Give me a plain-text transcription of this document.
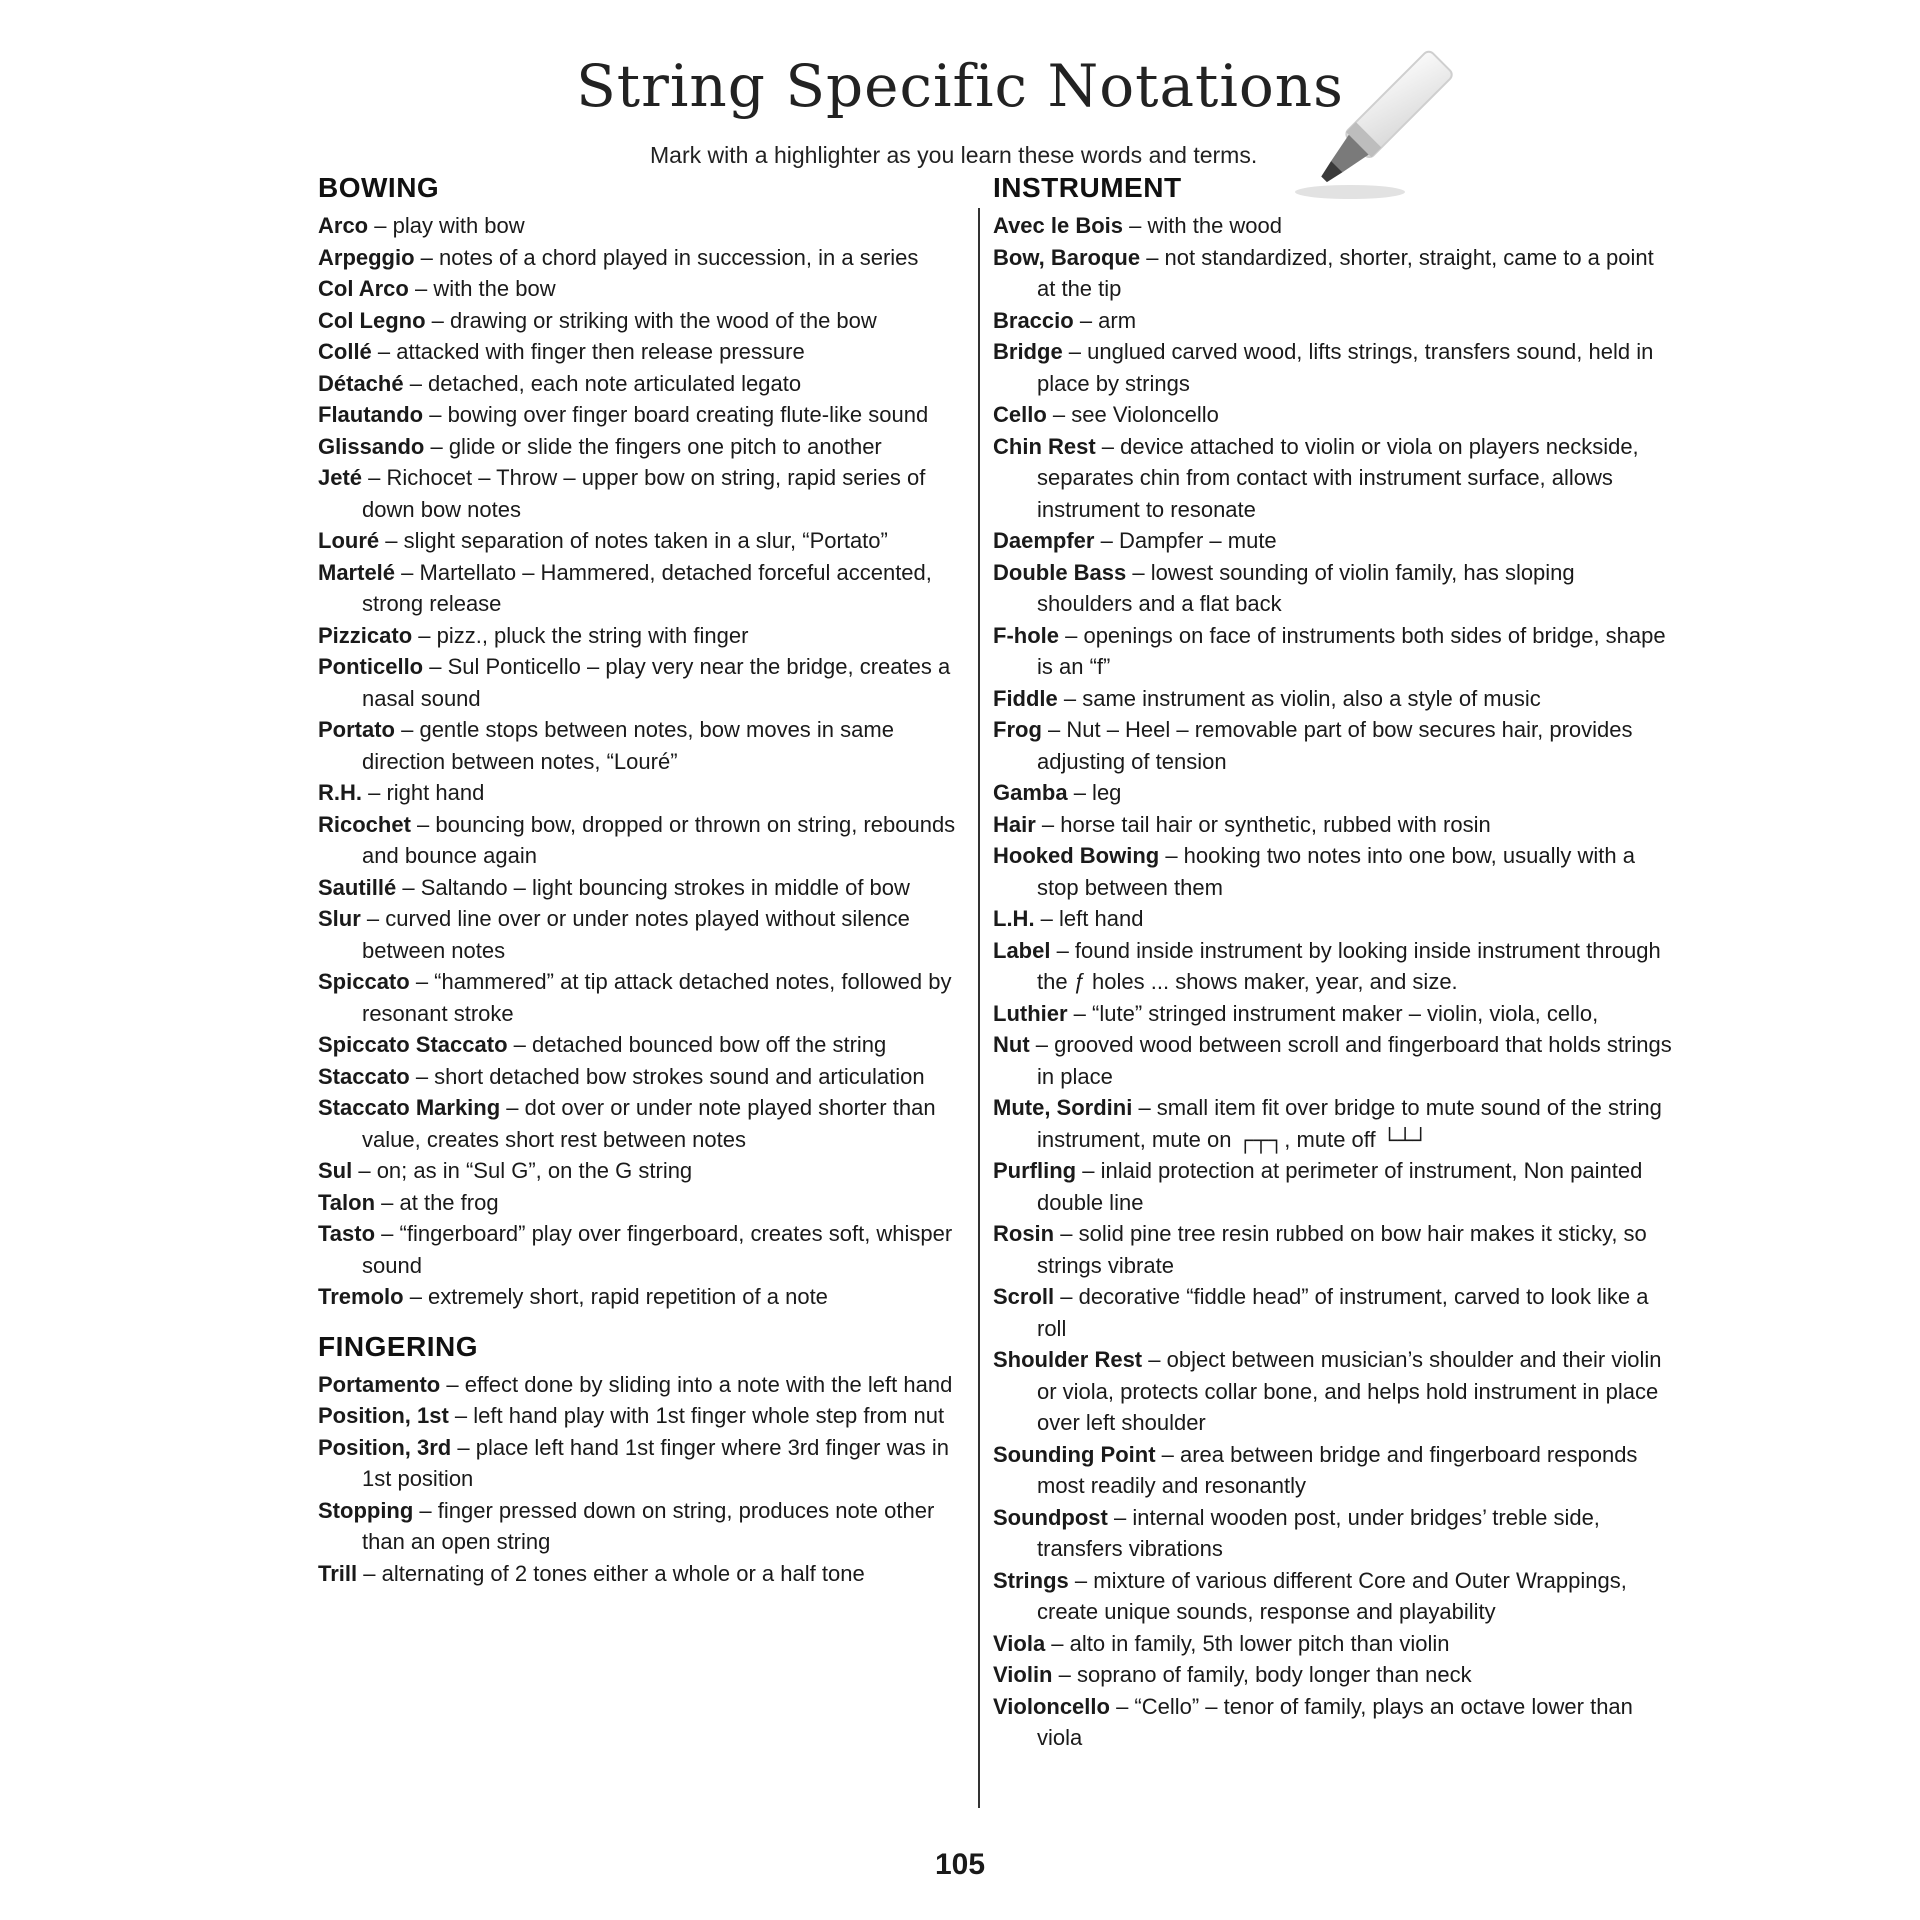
String Specific Notations
Mark with a highlighter as you learn these words and terms.
BOWING
Arco – play with bow
Arpeggio – notes of a chord played in succession, in a series
Col Arco – with the bow
Col Legno – drawing or striking with the wood of the bow
Collé – attacked with finger then release pressure
Détaché – detached, each note articulated legato
Flautando – bowing over finger board creating flute-like sound
Glissando – glide or slide the fingers one pitch to another
Jeté – Richocet – Throw – upper bow on string, rapid series of down bow notes
Louré – slight separation of notes taken in a slur, “Portato”
Martelé – Martellato – Hammered, detached forceful accented, strong release
Pizzicato – pizz., pluck the string with finger
Ponticello – Sul Ponticello – play very near the bridge, creates a nasal sound
Portato – gentle stops between notes, bow moves in same direction between notes, “Louré”
R.H. – right hand
Ricochet – bouncing bow, dropped or thrown on string, rebounds and bounce again
Sautillé – Saltando – light bouncing strokes in middle of bow
Slur – curved line over or under notes played without silence between notes
Spiccato – “hammered” at tip attack detached notes, followed by resonant stroke
Spiccato Staccato – detached bounced bow off the string
Staccato – short detached bow strokes sound and articulation
Staccato Marking – dot over or under note played shorter than value, creates short rest between notes
Sul – on; as in “Sul G”, on the G string
Talon – at the frog
Tasto – “fingerboard” play over fingerboard, creates soft, whisper sound
Tremolo – extremely short, rapid repetition of a note
FINGERING
Portamento – effect done by sliding into a note with the left hand
Position, 1st – left hand play with 1st finger whole step from nut
Position, 3rd – place left hand 1st finger where 3rd finger was in 1st position
Stopping – finger pressed down on string, produces note other than an open string
Trill – alternating of 2 tones either a whole or a half tone
INSTRUMENT
Avec le Bois – with the wood
Bow, Baroque – not standardized, shorter, straight, came to a point at the tip
Braccio – arm
Bridge – unglued carved wood, lifts strings, transfers sound, held in place by strings
Cello – see Violoncello
Chin Rest – device attached to violin or viola on players neckside, separates chin from contact with instrument surface, allows instrument to resonate
Daempfer – Dampfer – mute
Double Bass – lowest sounding of violin family, has sloping shoulders and a flat back
F-hole – openings on face of instruments both sides of bridge, shape is an “f”
Fiddle – same instrument as violin, also a style of music
Frog – Nut – Heel – removable part of bow secures hair, provides adjusting of tension
Gamba – leg
Hair – horse tail hair or synthetic, rubbed with rosin
Hooked Bowing – hooking two notes into one bow, usually with a stop between them
L.H. – left hand
Label – found inside instrument by looking inside instrument through the ƒ holes ... shows maker, year, and size.
Luthier – “lute” stringed instrument maker – violin, viola, cello,
Nut – grooved wood between scroll and fingerboard that holds strings in place
Mute, Sordini – small item fit over bridge to mute sound of the string instrument, mute on ┌┬┐, mute off └┴┘
Purfling – inlaid protection at perimeter of instrument, Non painted double line
Rosin – solid pine tree resin rubbed on bow hair makes it sticky, so strings vibrate
Scroll – decorative “fiddle head” of instrument, carved to look like a roll
Shoulder Rest – object between musician’s shoulder and their violin or viola, protects collar bone, and helps hold instrument in place over left shoulder
Sounding Point – area between bridge and fingerboard responds most readily and resonantly
Soundpost – internal wooden post, under bridges’ treble side, transfers vibrations
Strings – mixture of various different Core and Outer Wrappings, create unique sounds, response and playability
Viola – alto in family, 5th lower pitch than violin
Violin – soprano of family, body longer than neck
Violoncello – “Cello” – tenor of family, plays an octave lower than viola
105
